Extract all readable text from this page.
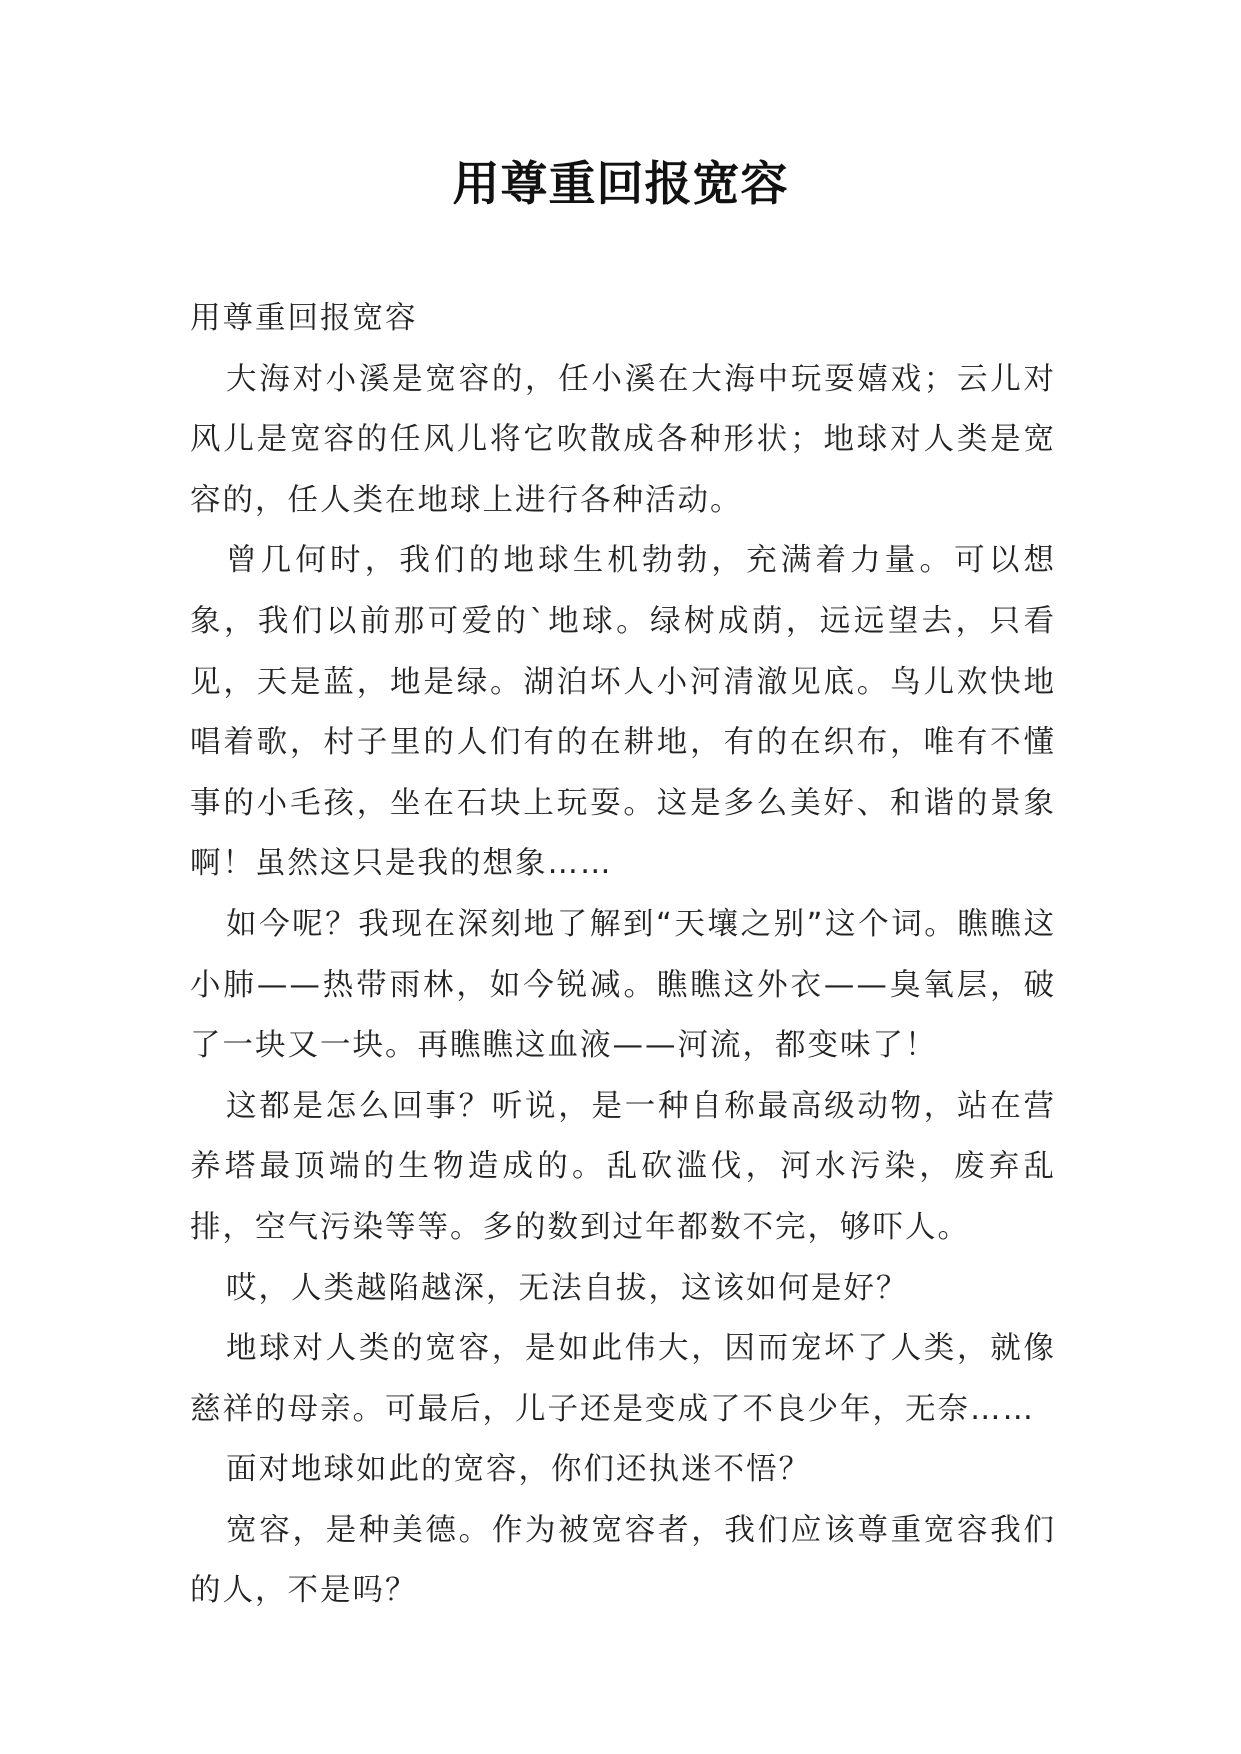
用尊重回报宽容

用尊重回报宽容

大海对小溪是宽容的，任小溪在大海中玩耍嬉戏；云儿对风儿是宽容的任风儿将它吹散成各种形状；地球对人类是宽容的，任人类在地球上进行各种活动。

曾几何时，我们的地球生机勃勃，充满着力量。可以想象，我们以前那可爱的`地球。绿树成荫，远远望去，只看见，天是蓝，地是绿。湖泊坏人小河清澈见底。鸟儿欢快地唱着歌，村子里的人们有的在耕地，有的在织布，唯有不懂事的小毛孩，坐在石块上玩耍。这是多么美好、和谐的景象啊！虽然这只是我的想象……

如今呢？我现在深刻地了解到“天壤之别”这个词。瞧瞧这小肺——热带雨林，如今锐减。瞧瞧这外衣——臭氧层，破了一块又一块。再瞧瞧这血液——河流，都变味了！

这都是怎么回事？听说，是一种自称最高级动物，站在营养塔最顶端的生物造成的。乱砍滥伐，河水污染，废弃乱排，空气污染等等。多的数到过年都数不完，够吓人。

哎，人类越陷越深，无法自拔，这该如何是好？

地球对人类的宽容，是如此伟大，因而宠坏了人类，就像慈祥的母亲。可最后，儿子还是变成了不良少年，无奈……

面对地球如此的宽容，你们还执迷不悟？

宽容，是种美德。作为被宽容者，我们应该尊重宽容我们的人，不是吗？
